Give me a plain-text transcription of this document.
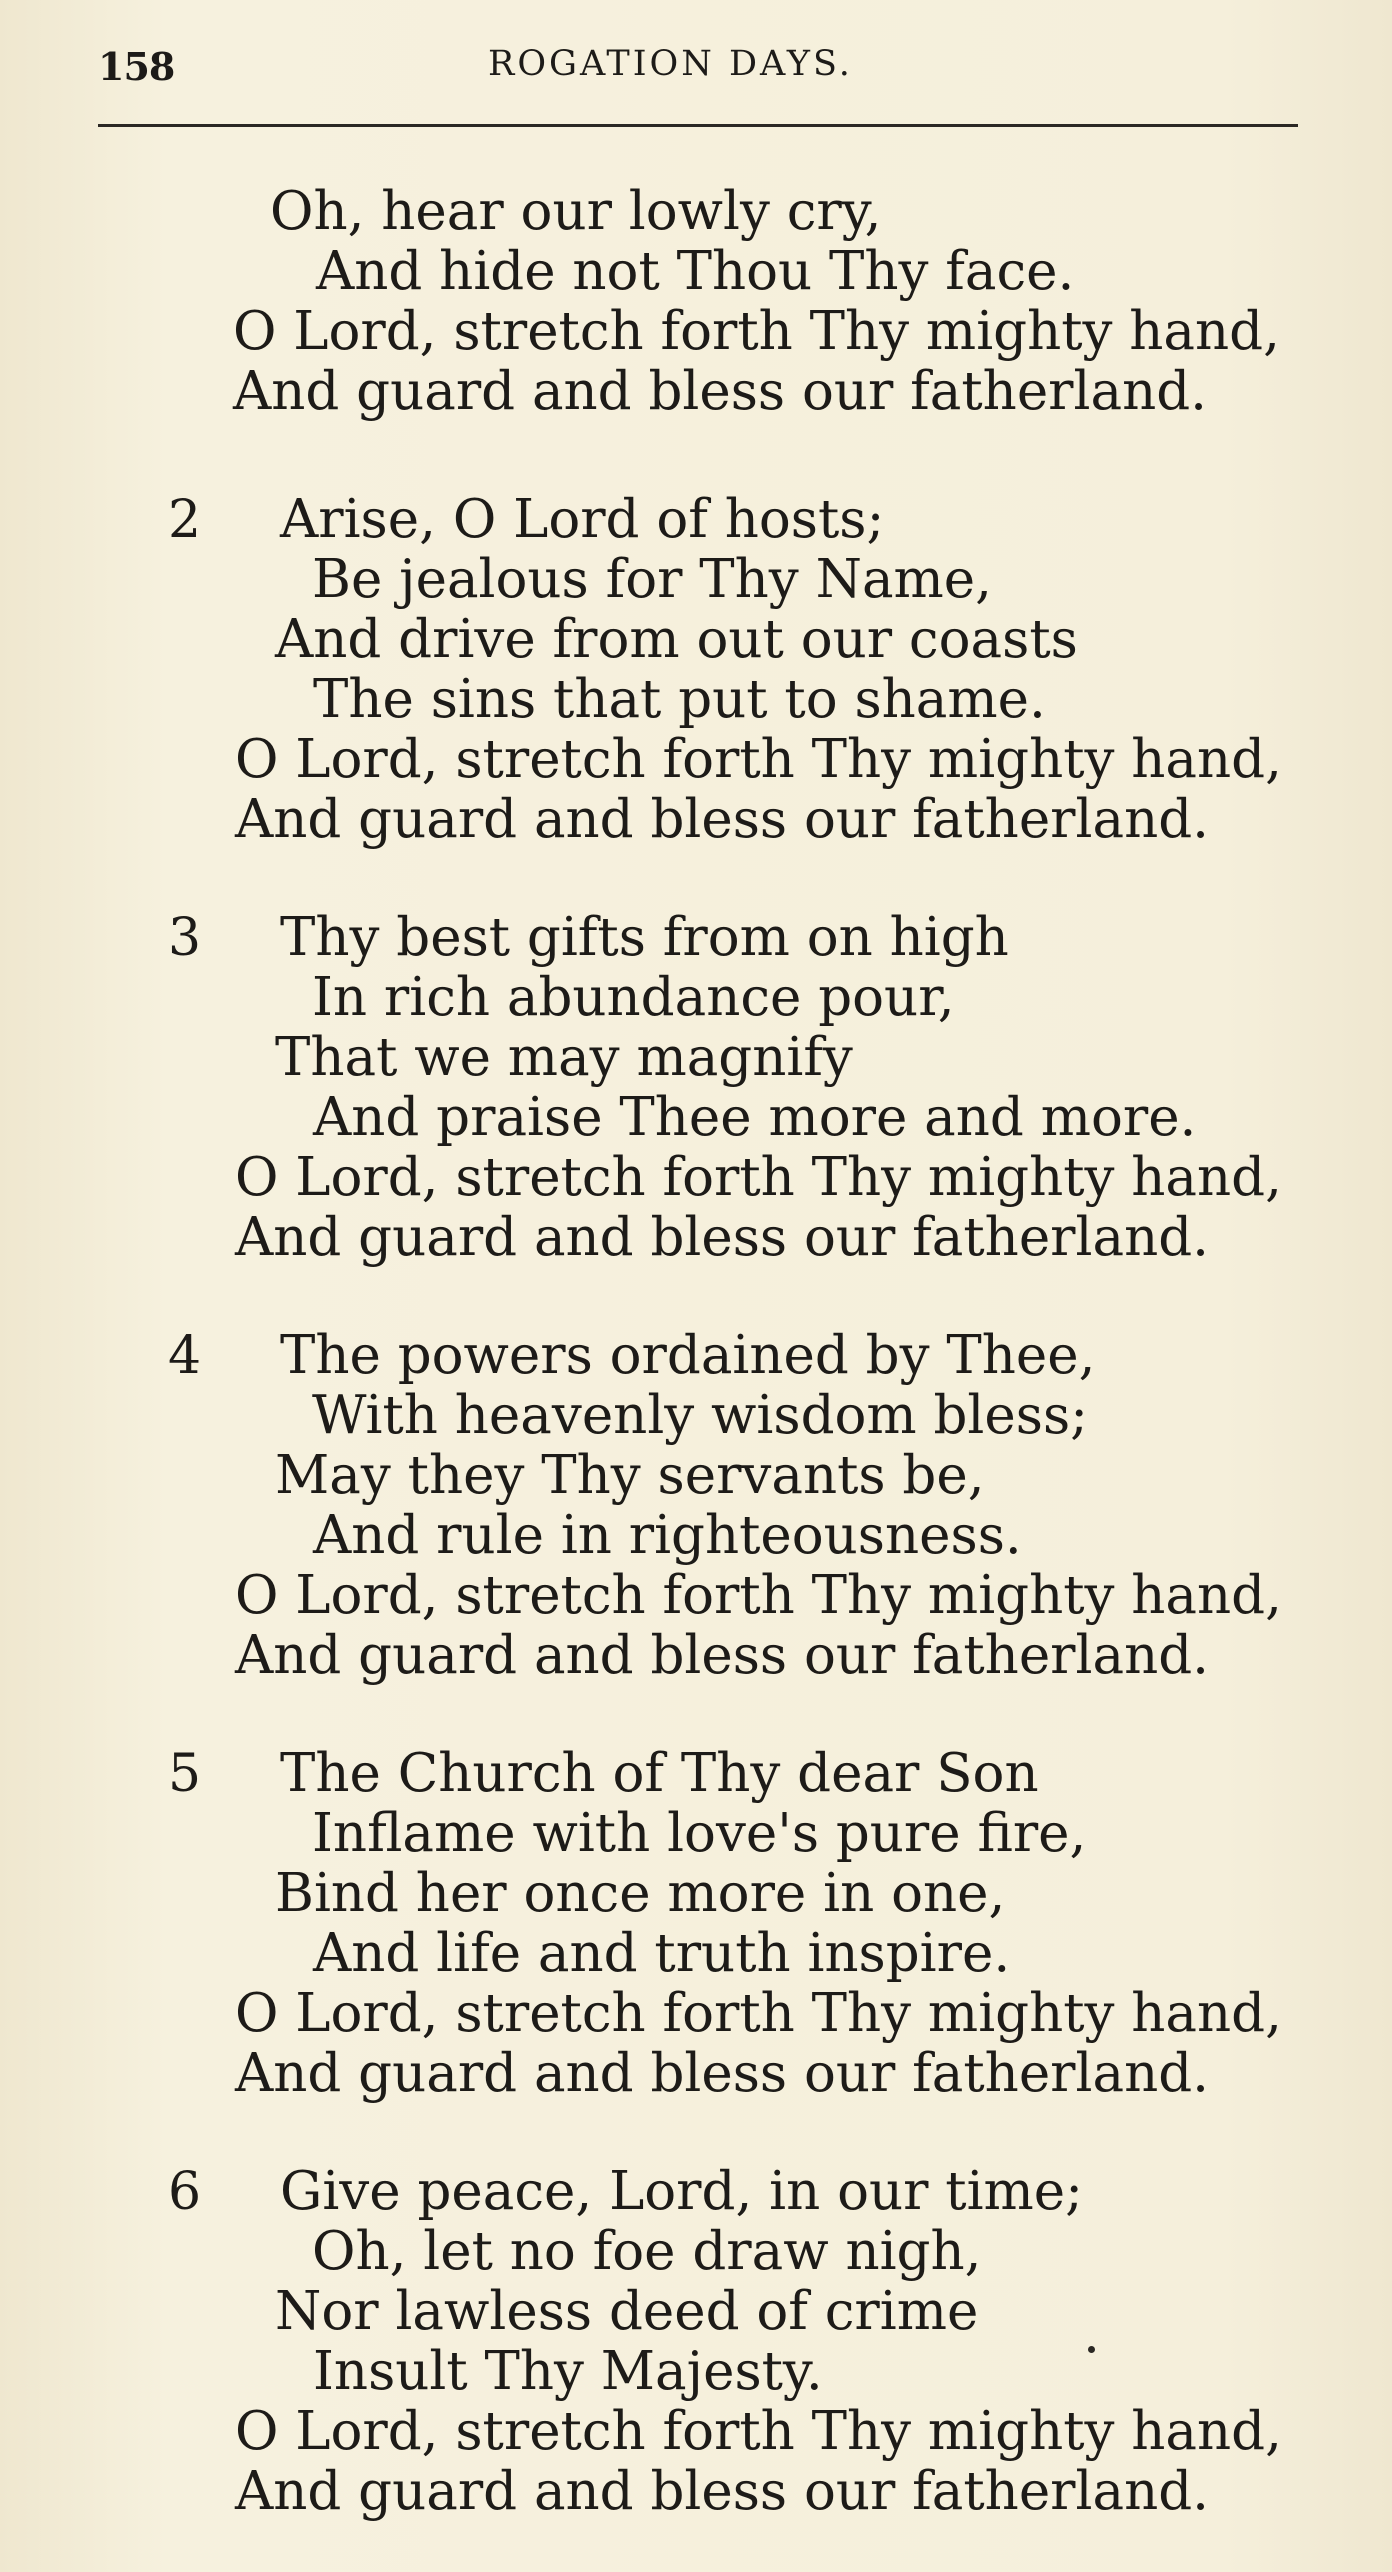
158	ROGATION DAYS.
Oh, hear our lowly cry,
And hide not Thou Thy face.
O Lord, stretch forth Thy mighty hand,
And guard and bless our fatherland.
2 Arise, O Lord of hosts;
Be jealous for Thy Name,
And drive from out our coasts
The sins that put to shame.
O Lord, stretch forth Thy mighty hand,
And guard and bless our fatherland.
3 Thy best gifts from on high
In rich abundance pour,
That we may magnify
And praise Thee more and more.
O Lord, stretch forth Thy mighty hand,
And guard and bless our fatherland.
4 The powers ordained by Thee,
With heavenly wisdom bless;
May they Thy servants be,
And rule in righteousness.
O Lord, stretch forth Thy mighty hand,
And guard and bless our fatherland.
5 The Church of Thy dear Son
Inflame with love's pure fire,
Bind her once more in one,
And life and truth inspire.
O Lord, stretch forth Thy mighty hand,
And guard and bless our fatherland.
6 Give peace, Lord, in our time;
Oh, let no foe draw nigh,
Nor lawless deed of crime
Insult Thy Majesty.
O Lord, stretch forth Thy mighty hand,
And guard and bless our fatherland.
